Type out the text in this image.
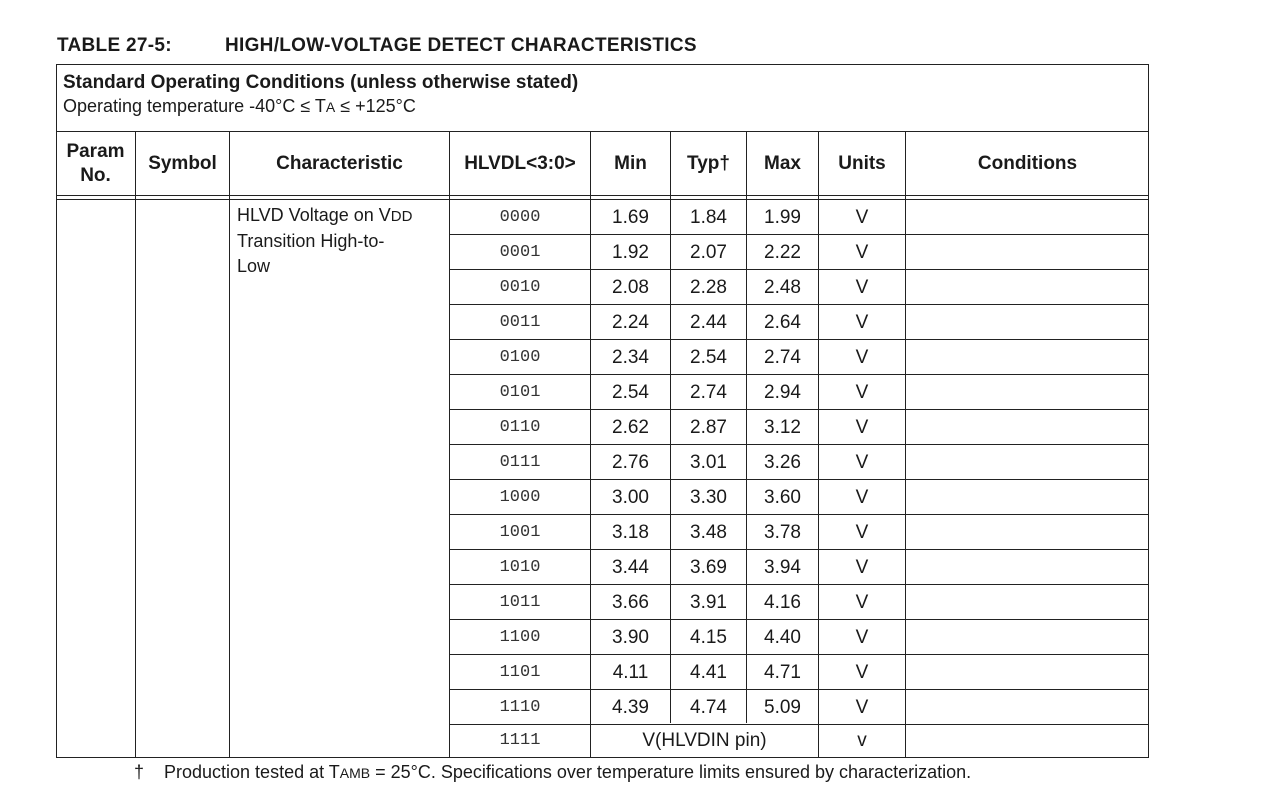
TABLE 27-5:	HIGH/LOW-VOLTAGE DETECT CHARACTERISTICS
Standard Operating Conditions (unless otherwise stated)
Operating temperature -40°C ≤ TA ≤ +125°C
Param
No.
Symbol	Characteristic	HLVDL<3:0>	Min	Typ†	Max	Units	Conditions
HLVD Voltage on VDD
Transition High-to-
Low
0000	1.69	1.84	1.99	V
0001	1.92	2.07	2.22	V
0010	2.08	2.28	2.48	V
0011	2.24	2.44	2.64	V
0100	2.34	2.54	2.74	V
0101	2.54	2.74	2.94	V
0110	2.62	2.87	3.12	V
0111	2.76	3.01	3.26	V
1000	3.00	3.30	3.60	V
1001	3.18	3.48	3.78	V
1010	3.44	3.69	3.94	V
1011	3.66	3.91	4.16	V
1100	3.90	4.15	4.40	V
1101	4.11	4.41	4.71	V
1110	4.39	4.74	5.09	V
1111	V(HLVDIN pin)	v
† Production tested at TAMB = 25°C. Specifications over temperature limits ensured by characterization.
